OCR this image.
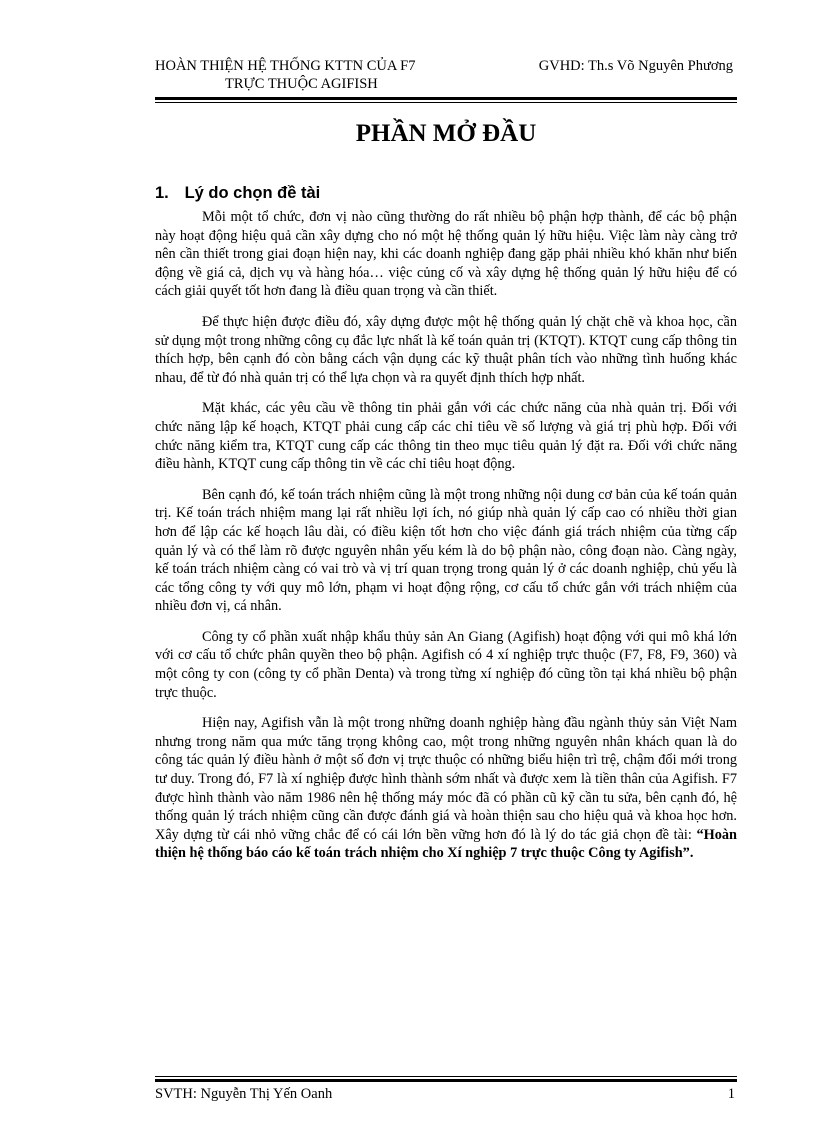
HOÀN THIỆN HỆ THỐNG KTTN CỦA F7
TRỰC THUỘC AGIFISH
GVHD: Th.s Võ Nguyên Phương
PHẦN MỞ ĐẦU
1. Lý do chọn đề tài

Mỗi một tổ chức, đơn vị nào cũng thường do rất nhiều bộ phận hợp thành, để các bộ phận này hoạt động hiệu quả cần xây dựng cho nó một hệ thống quản lý hữu hiệu. Việc làm này càng trở nên cần thiết trong giai đoạn hiện nay, khi các doanh nghiệp đang gặp phải nhiều khó khăn như biến động về giá cả, dịch vụ và hàng hóa… việc củng cố và xây dựng hệ thống quản lý hữu hiệu để có cách giải quyết tốt hơn đang là điều quan trọng và cần thiết.

Để thực hiện được điều đó, xây dựng được một hệ thống quản lý chặt chẽ và khoa học, cần sử dụng một trong những công cụ đắc lực nhất là kế toán quản trị (KTQT). KTQT cung cấp thông tin thích hợp, bên cạnh đó còn bằng cách vận dụng các kỹ thuật phân tích vào những tình huống khác nhau, để từ đó nhà quản trị có thể lựa chọn và ra quyết định thích hợp nhất.

Mặt khác, các yêu cầu về thông tin phải gắn với các chức năng của nhà quản trị. Đối với chức năng lập kế hoạch, KTQT phải cung cấp các chỉ tiêu về số lượng và giá trị phù hợp. Đối với chức năng kiểm tra, KTQT cung cấp các thông tin theo mục tiêu quản lý đặt ra. Đối với chức năng điều hành, KTQT cung cấp thông tin về các chỉ tiêu hoạt động.

Bên cạnh đó, kế toán trách nhiệm cũng là một trong những nội dung cơ bản của kế toán quản trị. Kế toán trách nhiệm mang lại rất nhiều lợi ích, nó giúp nhà quản lý cấp cao có nhiều thời gian hơn để lập các kế hoạch lâu dài, có điều kiện tốt hơn cho việc đánh giá trách nhiệm của từng cấp quản lý và có thể làm rõ được nguyên nhân yếu kém là do bộ phận nào, công đoạn nào. Càng ngày, kế toán trách nhiệm càng có vai trò và vị trí quan trọng trong quản lý ở các doanh nghiệp, chủ yếu là các tổng công ty với quy mô lớn, phạm vi hoạt động rộng, cơ cấu tổ chức gắn với trách nhiệm của nhiều đơn vị, cá nhân.

Công ty cổ phần xuất nhập khẩu thủy sản An Giang (Agifish) hoạt động với qui mô khá lớn với cơ cấu tổ chức phân quyền theo bộ phận. Agifish có 4 xí nghiệp trực thuộc (F7, F8, F9, 360) và một công ty con (công ty cổ phần Denta) và trong từng xí nghiệp đó cũng tồn tại khá nhiều bộ phận trực thuộc.

Hiện nay, Agifish vẫn là một trong những doanh nghiệp hàng đầu ngành thủy sản Việt Nam nhưng trong năm qua mức tăng trọng không cao, một trong những nguyên nhân khách quan là do công tác quản lý điều hành ở một số đơn vị trực thuộc có những biểu hiện trì trệ, chậm đổi mới trong tư duy. Trong đó, F7 là xí nghiệp được hình thành sớm nhất và được xem là tiền thân của Agifish. F7 được hình thành vào năm 1986 nên hệ thống máy móc đã có phần cũ kỹ cần tu sửa, bên cạnh đó, hệ thống quản lý trách nhiệm cũng cần được đánh giá và hoàn thiện sau cho hiệu quả và khoa học hơn. Xây dựng từ cái nhỏ vững chắc để có cái lớn bền vững hơn đó là lý do tác giả chọn đề tài: “Hoàn thiện hệ thống báo cáo kế toán trách nhiệm cho Xí nghiệp 7 trực thuộc Công ty Agifish”.

SVTH: Nguyễn Thị Yến Oanh	1
